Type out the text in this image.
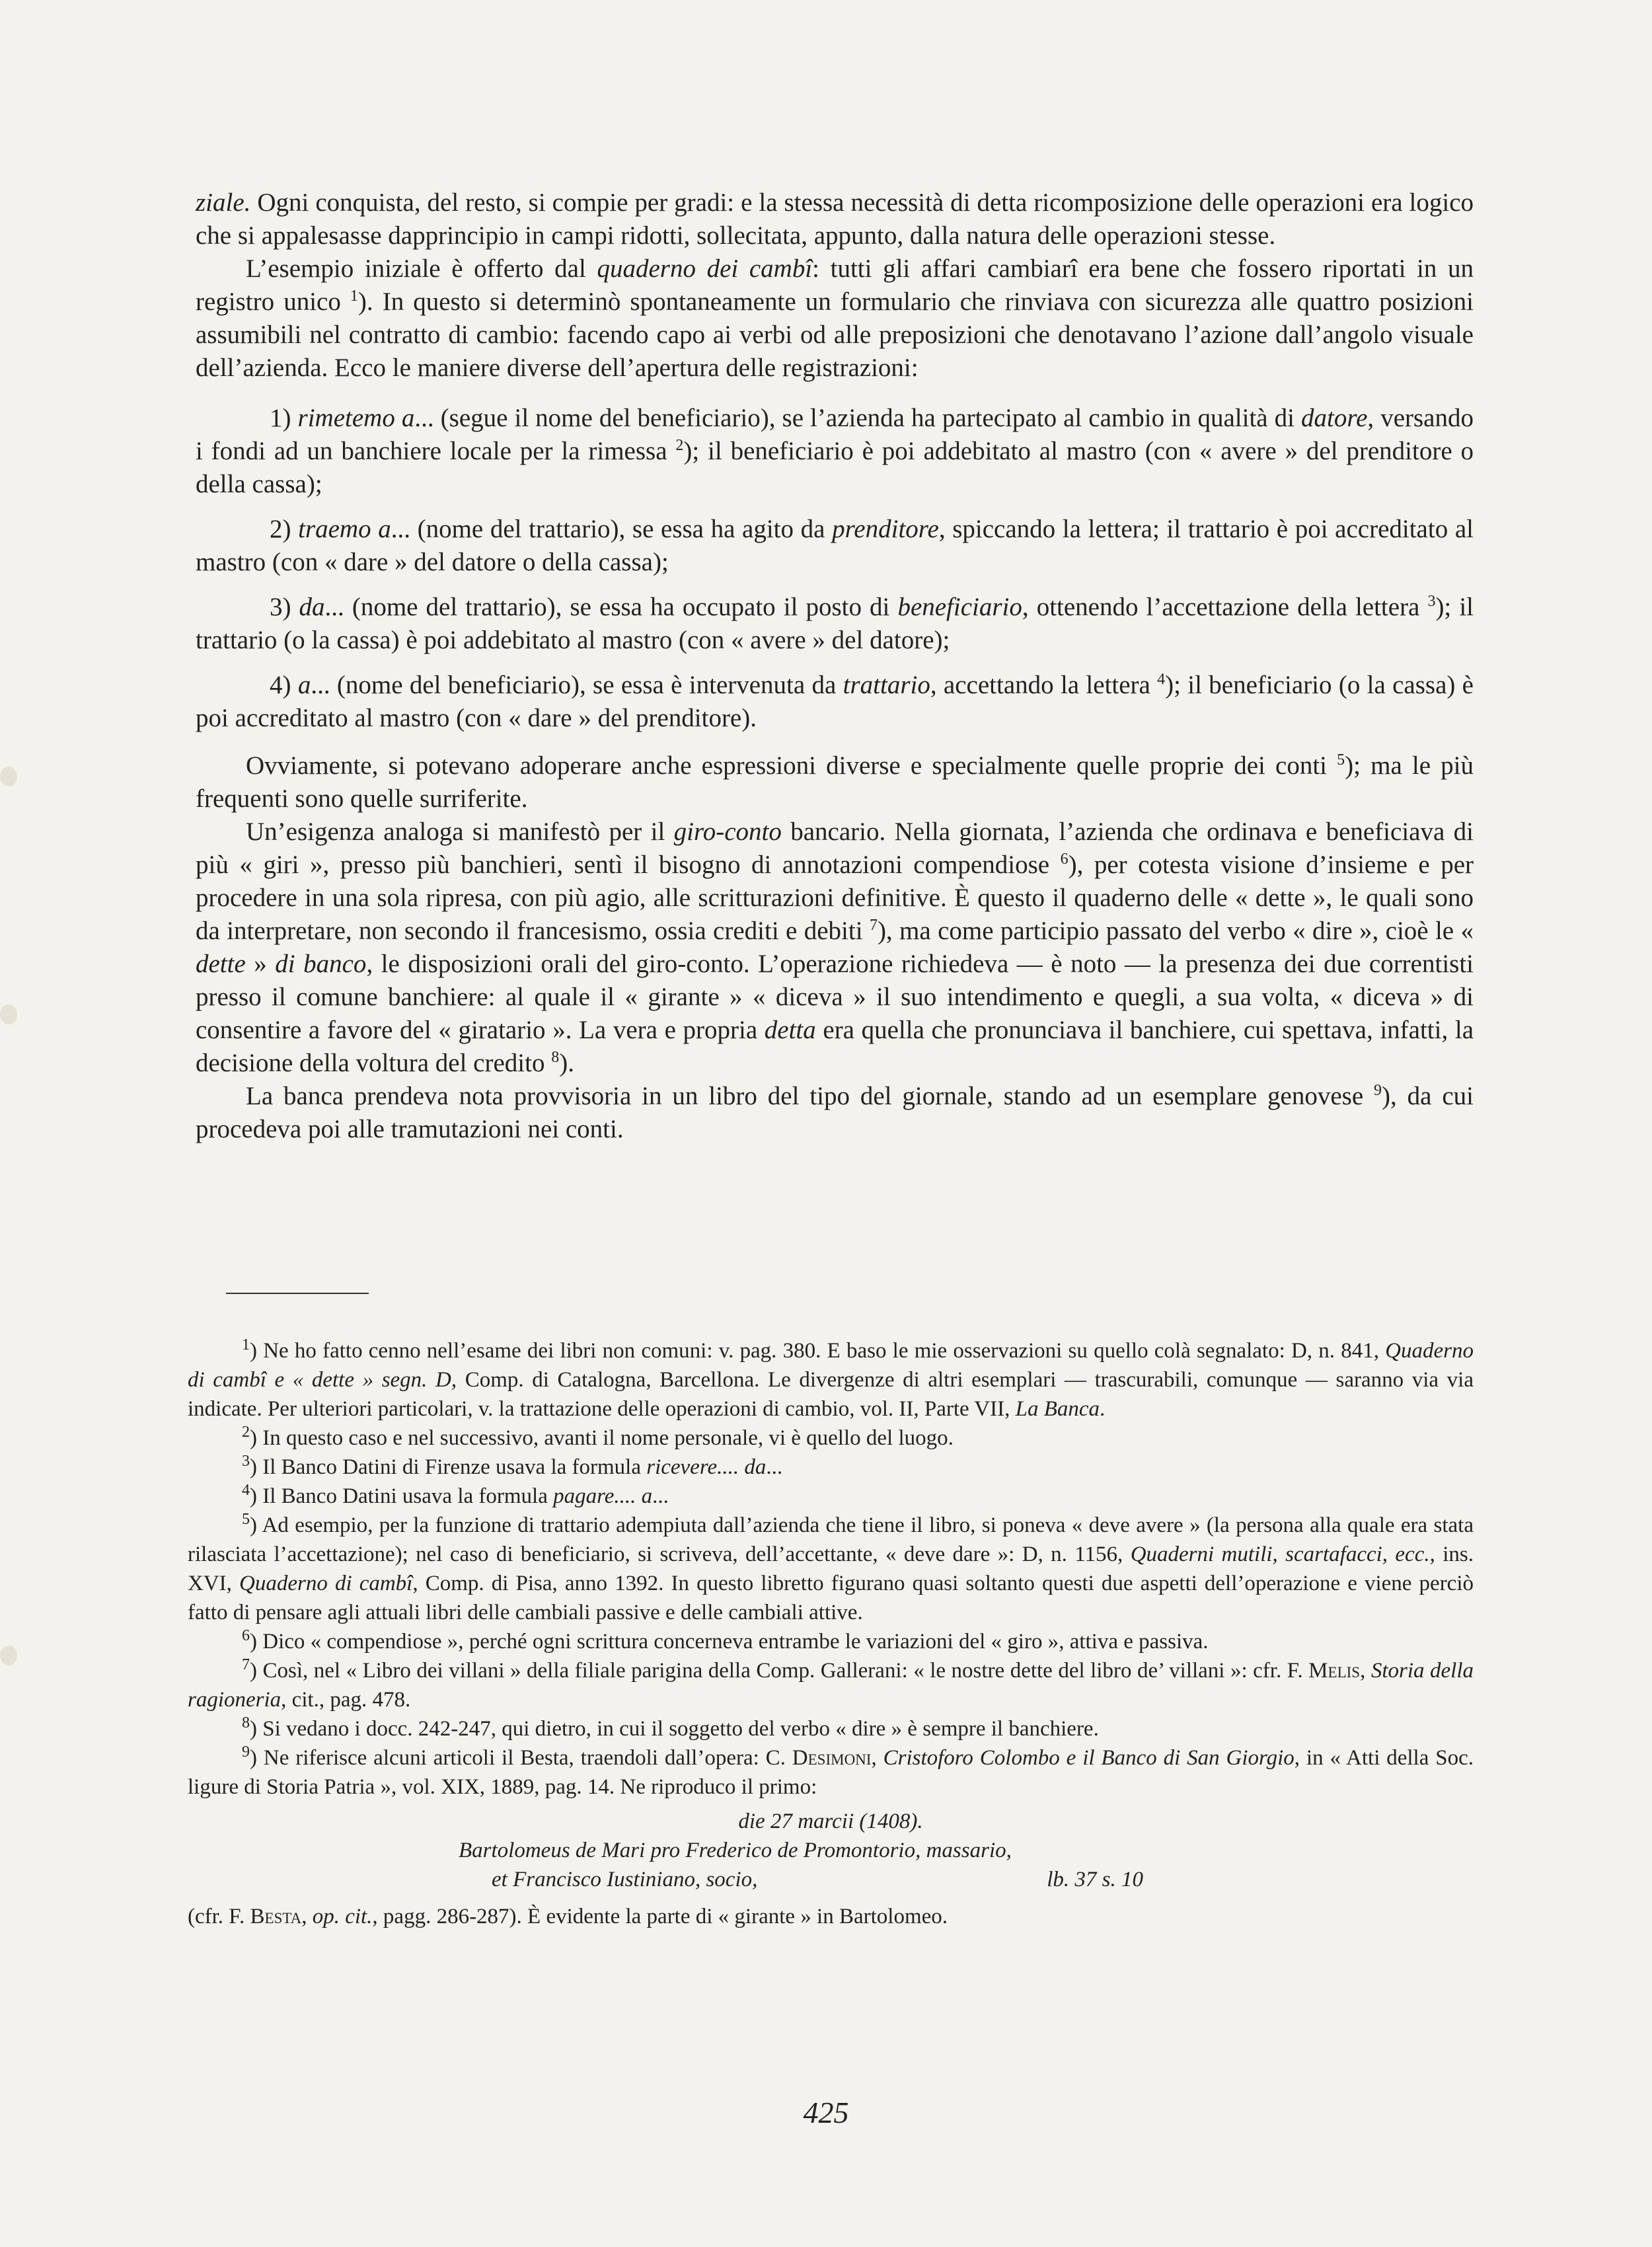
ziale. Ogni conquista, del resto, si compie per gradi: e la stessa necessità di detta ricomposizione delle operazioni era logico che si appalesasse dapprincipio in campi ridotti, sollecitata, appunto, dalla natura delle operazioni stesse.

L’esempio iniziale è offerto dal quaderno dei cambî: tutti gli affari cambiarî era bene che fossero riportati in un registro unico $^1$). In questo si determinò spontaneamente un formulario che rinviava con sicurezza alle quattro posizioni assumibili nel contratto di cambio: facendo capo ai verbi od alle preposizioni che denotavano l’azione dall’angolo visuale dell’azienda. Ecco le maniere diverse dell’apertura delle registrazioni:

1) rimetemo a... (segue il nome del beneficiario), se l’azienda ha partecipato al cambio in qualità di datore, versando i fondi ad un banchiere locale per la rimessa $^2$); il beneficiario è poi addebitato al mastro (con « avere » del prenditore o della cassa);

2) traemo a... (nome del trattario), se essa ha agito da prenditore, spiccando la lettera; il trattario è poi accreditato al mastro (con « dare » del datore o della cassa);

3) da... (nome del trattario), se essa ha occupato il posto di beneficiario, ottenendo l’accettazione della lettera $^3$); il trattario (o la cassa) è poi addebitato al mastro (con « avere » del datore);

4) a... (nome del beneficiario), se essa è intervenuta da trattario, accettando la lettera $^4$); il beneficiario (o la cassa) è poi accreditato al mastro (con « dare » del prenditore).

Ovviamente, si potevano adoperare anche espressioni diverse e specialmente quelle proprie dei conti $^5$); ma le più frequenti sono quelle surriferite.

Un’esigenza analoga si manifestò per il giro-conto bancario. Nella giornata, l’azienda che ordinava e beneficiava di più « giri », presso più banchieri, sentì il bisogno di annotazioni compendiose $^6$), per cotesta visione d’insieme e per procedere in una sola ripresa, con più agio, alle scritturazioni definitive. È questo il quaderno delle « dette », le quali sono da interpretare, non secondo il francesismo, ossia crediti e debiti $^7$), ma come participio passato del verbo « dire », cioè le « dette » di banco, le disposizioni orali del giro-conto. L’operazione richiedeva — è noto — la presenza dei due correntisti presso il comune banchiere: al quale il « girante » « diceva » il suo intendimento e quegli, a sua volta, « diceva » di consentire a favore del « giratario ». La vera e propria detta era quella che pronunciava il banchiere, cui spettava, infatti, la decisione della voltura del credito $^8$).

La banca prendeva nota provvisoria in un libro del tipo del giornale, stando ad un esemplare genovese $^9$), da cui procedeva poi alle tramutazioni nei conti.

$^1$) Ne ho fatto cenno nell’esame dei libri non comuni: v. pag. 380. E baso le mie osservazioni su quello colà segnalato: D, n. 841, Quaderno di cambî e « dette » segn. D, Comp. di Catalogna, Barcellona. Le divergenze di altri esemplari — trascurabili, comunque — saranno via via indicate. Per ulteriori particolari, v. la trattazione delle operazioni di cambio, vol. II, Parte VII, La Banca.

$^2$) In questo caso e nel successivo, avanti il nome personale, vi è quello del luogo.

$^3$) Il Banco Datini di Firenze usava la formula ricevere.... da...

$^4$) Il Banco Datini usava la formula pagare.... a...

$^5$) Ad esempio, per la funzione di trattario adempiuta dall’azienda che tiene il libro, si poneva « deve avere » (la persona alla quale era stata rilasciata l’accettazione); nel caso di beneficiario, si scriveva, dell’accettante, « deve dare »: D, n. 1156, Quaderni mutili, scartafacci, ecc., ins. XVI, Quaderno di cambî, Comp. di Pisa, anno 1392. In questo libretto figurano quasi soltanto questi due aspetti dell’operazione e viene perciò fatto di pensare agli attuali libri delle cambiali passive e delle cambiali attive.

$^6$) Dico « compendiose », perché ogni scrittura concerneva entrambe le variazioni del « giro », attiva e passiva.

$^7$) Così, nel « Libro dei villani » della filiale parigina della Comp. Gallerani: « le nostre dette del libro de’ villani »: cfr. F. Melis, Storia della ragioneria, cit., pag. 478.

$^8$) Si vedano i docc. 242-247, qui dietro, in cui il soggetto del verbo « dire » è sempre il banchiere.

$^9$) Ne riferisce alcuni articoli il Besta, traendoli dall’opera: C. Desimoni, Cristoforo Colombo e il Banco di San Giorgio, in « Atti della Soc. ligure di Storia Patria », vol. XIX, 1889, pag. 14. Ne riproduco il primo:

die 27 marcii (1408).

Bartolomeus de Mari pro Frederico de Promontorio, massario,

et Francisco Iustiniano, socio,	lb. 37 s. 10

(cfr. F. Besta, op. cit., pagg. 286-287). È evidente la parte di « girante » in Bartolomeo.

425
